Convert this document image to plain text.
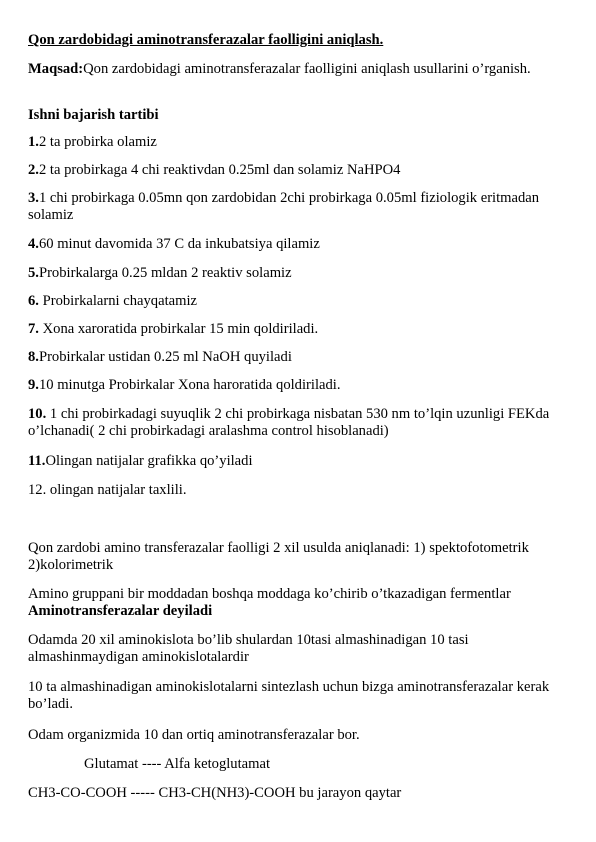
Qon zardobidagi aminotransferazalar faolligini aniqlash.

Maqsad:Qon zardobidagi aminotransferazalar faolligini aniqlash usullarini o’rganish.

Ishni bajarish tartibi

1.2 ta probirka olamiz

2.2 ta probirkaga 4 chi reaktivdan 0.25ml dan solamiz NaHPO4

3.1 chi probirkaga 0.05mn qon zardobidan 2chi probirkaga 0.05ml fiziologik eritmadan solamiz

4.60 minut davomida 37 C da inkubatsiya qilamiz

5.Probirkalarga 0.25 mldan 2 reaktiv solamiz

6. Probirkalarni chayqatamiz

7. Xona xaroratida probirkalar 15 min qoldiriladi.

8.Probirkalar ustidan 0.25 ml NaOH quyiladi

9.10 minutga Probirkalar Xona haroratida qoldiriladi.

10. 1 chi probirkadagi suyuqlik 2 chi probirkaga nisbatan 530 nm to’lqin uzunligi FEKda o’lchanadi( 2 chi probirkadagi aralashma control hisoblanadi)

11.Olingan natijalar grafikka qo’yiladi

12. olingan natijalar taxlili.

Qon zardobi amino transferazalar faolligi 2 xil usulda aniqlanadi: 1) spektofotometrik 2)kolorimetrik

Amino gruppani bir moddadan boshqa moddaga ko’chirib o’tkazadigan fermentlar Aminotransferazalar deyiladi

Odamda 20 xil aminokislota bo’lib shulardan 10tasi almashinadigan 10 tasi almashinmaydigan aminokislotalardir

10 ta almashinadigan aminokislotalarni sintezlash uchun bizga aminotransferazalar kerak bo’ladi.

Odam organizmida 10 dan ortiq aminotransferazalar bor.

Glutamat ---- Alfa ketoglutamat

CH3-CO-COOH ----- CH3-CH(NH3)-COOH bu jarayon qaytar
